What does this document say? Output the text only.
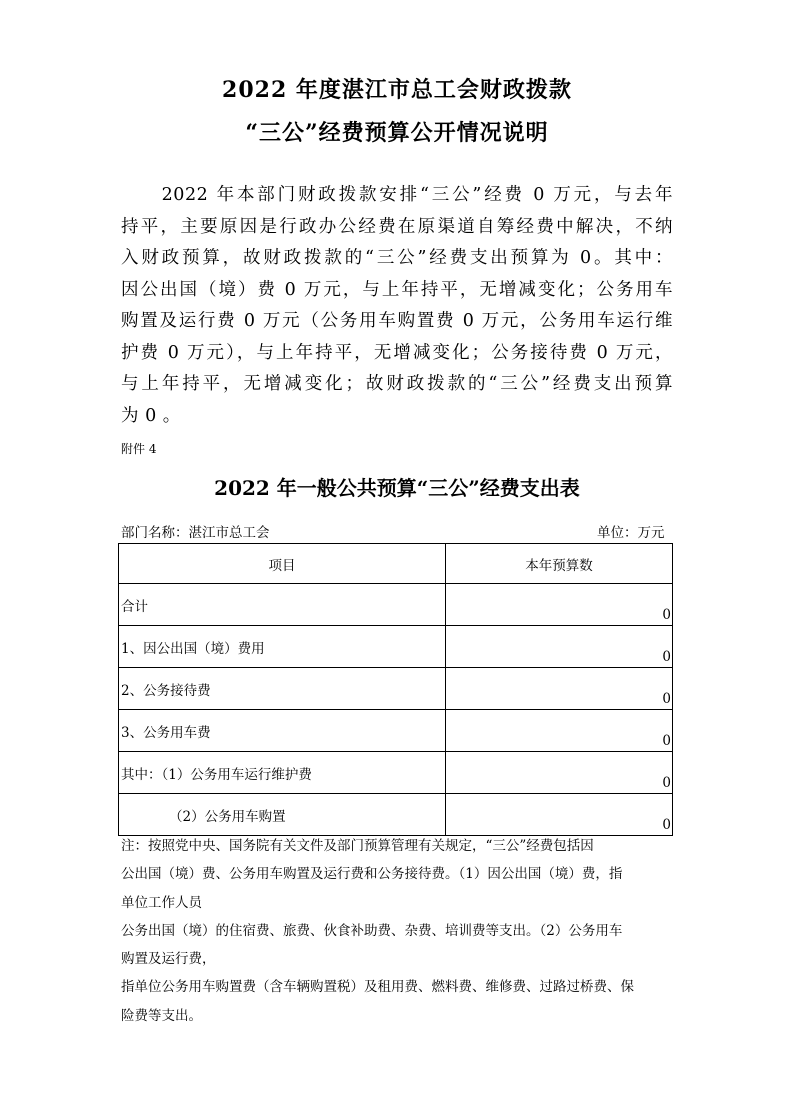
2022 年度湛江市总工会财政拨款
“三公”经费预算公开情况说明
　　2022 年本部门财政拨款安排“三公”经费 0 万元，与去年
持平，主要原因是行政办公经费在原渠道自筹经费中解决，不纳
入财政预算，故财政拨款的“三公”经费支出预算为 0。其中：
因公出国（境）费 0 万元，与上年持平，无增减变化；公务用车
购置及运行费 0 万元（公务用车购置费 0 万元，公务用车运行维
护费 0 万元），与上年持平，无增减变化；公务接待费 0 万元，
与上年持平，无增减变化；故财政拨款的“三公”经费支出预算
为 0 。
附件 4
2022 年一般公共预算“三公”经费支出表
部门名称：湛江市总工会	单位：万元
项目	本年预算数
合计	0
1、因公出国（境）费用	0
2、公务接待费	0
3、公务用车费	0
其中：（1）公务用车运行维护费	0
（2）公务用车购置	0
注：按照党中央、国务院有关文件及部门预算管理有关规定，“三公”经费包括因
公出国（境）费、公务用车购置及运行费和公务接待费。（1）因公出国（境）费，指
单位工作人员
公务出国（境）的住宿费、旅费、伙食补助费、杂费、培训费等支出。（2）公务用车
购置及运行费，
指单位公务用车购置费（含车辆购置税）及租用费、燃料费、维修费、过路过桥费、保
险费等支出。
